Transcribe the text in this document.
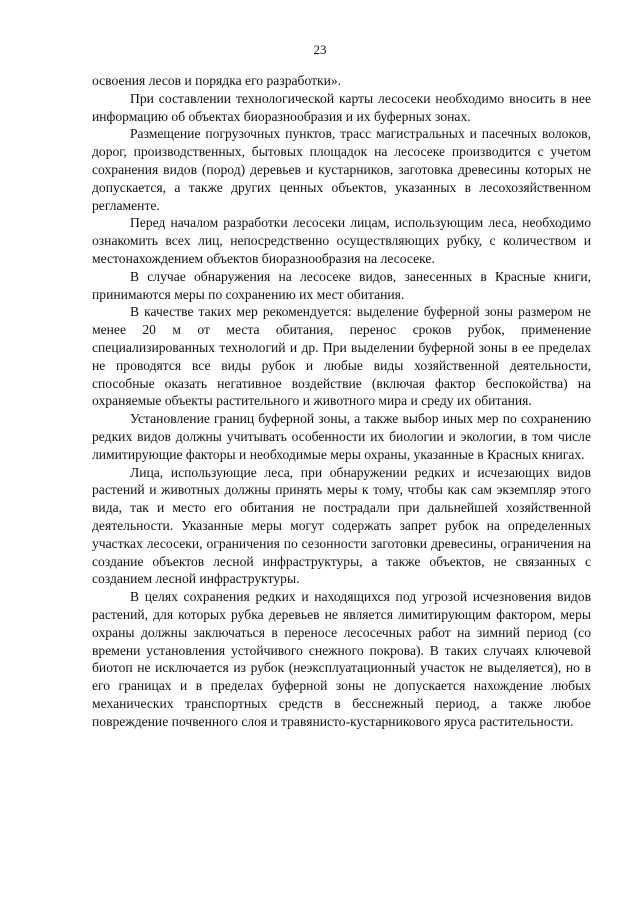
23

освоения лесов и порядка его разработки».

При составлении технологической карты лесосеки необходимо вносить в нее информацию об объектах биоразнообразия и их буферных зонах.

Размещение погрузочных пунктов, трасс магистральных и пасечных волоков, дорог, производственных, бытовых площадок на лесосеке производится с учетом сохранения видов (пород) деревьев и кустарников, заготовка древесины которых не допускается, а также других ценных объектов, указанных в лесохозяйственном регламенте.

Перед началом разработки лесосеки лицам, использующим леса, необходимо ознакомить всех лиц, непосредственно осуществляющих рубку, с количеством и местонахождением объектов биоразнообразия на лесосеке.

В случае обнаружения на лесосеке видов, занесенных в Красные книги, принимаются меры по сохранению их мест обитания.

В качестве таких мер рекомендуется: выделение буферной зоны размером не менее 20 м от места обитания, перенос сроков рубок, применение специализированных технологий и др. При выделении буферной зоны в ее пределах не проводятся все виды рубок и любые виды хозяйственной деятельности, способные оказать негативное воздействие (включая фактор беспокойства) на охраняемые объекты растительного и животного мира и среду их обитания.

Установление границ буферной зоны, а также выбор иных мер по сохранению редких видов должны учитывать особенности их биологии и экологии, в том числе лимитирующие факторы и необходимые меры охраны, указанные в Красных книгах.

Лица, использующие леса, при обнаружении редких и исчезающих видов растений и животных должны принять меры к тому, чтобы как сам экземпляр этого вида, так и место его обитания не пострадали при дальнейшей хозяйственной деятельности. Указанные меры могут содержать запрет рубок на определенных участках лесосеки, ограничения по сезонности заготовки древесины, ограничения на создание объектов лесной инфраструктуры, а также объектов, не связанных с созданием лесной инфраструктуры.

В целях сохранения редких и находящихся под угрозой исчезновения видов растений, для которых рубка деревьев не является лимитирующим фактором, меры охраны должны заключаться в переносе лесосечных работ на зимний период (со времени установления устойчивого снежного покрова). В таких случаях ключевой биотоп не исключается из рубок (неэксплуатационный участок не выделяется), но в его границах и в пределах буферной зоны не допускается нахождение любых механических транспортных средств в бесснежный период, а также любое повреждение почвенного слоя и травянисто-кустарникового яруса растительности.
